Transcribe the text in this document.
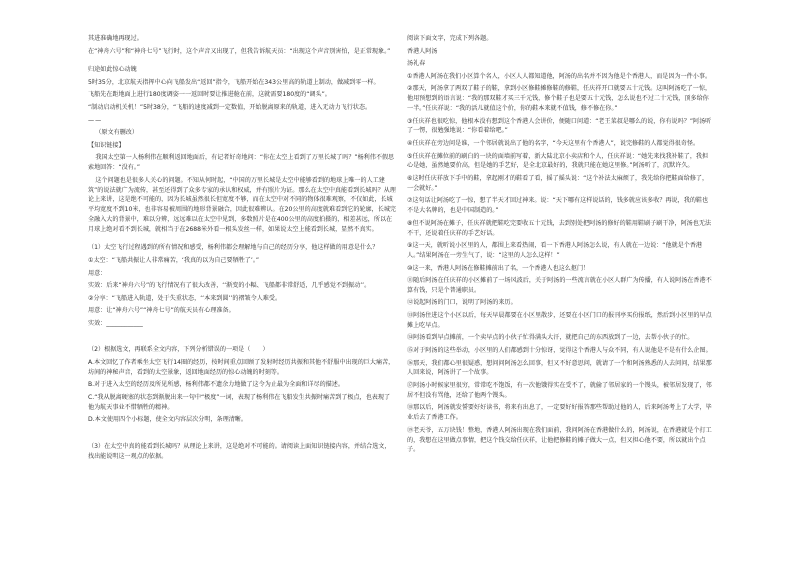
其进准确地再现过。

在“神舟六号”和“神舟七号”飞行时，这个声音又出现了，但我告诉航天员：“出现这个声音别害怕，是正常现象。”

归途如此惊心动魄

5时35分，北京航天指挥中心向飞船发出“返回”指令，飞船开始在343公里高的轨道上制动，做减到零一样。

飞船先在距地面上进行180度调姿一一返回时要让推进舱在前，这就需要180度的“调头”。

“制动启动机关机！”5时38分，“飞船的速度减到一定数值，开始脱离原来的轨道，进入无动力飞行状态。

——

（原文有删改）

【知识链接】

我国太空第一人杨利伟在顺利返回地面后，有记者好奇地问：“你在太空上看到了万里长城了吗？”杨利伟不假思索地回答：“没有。”

这个问题也是很多人关心的问题。不知从何时起，“中国的万里长城是太空中能够看到的地球上唯一的人工建筑”的说法就广为流传，甚至还得到了众多专家的承认和权威，并有照片为证。那么在太空中真能看到长城吗？从理论上来讲，这是绝不可能的，因为长城虽然很长但宽度不够，而在太空中对不同的物体很难观察，不仅如此，长城平均宽度不到10米，也非容易被周围的地形背景融合，因此很难辨认。在20公里的高度就难看到它的轮廓，长城完全融入大的背景中，难以分辨，远远难以在太空中见到，多数照片是在400公里的高度拍摄的，相差甚远，所以在月球上绝对看不到长城，就相当于在2688米外看一根头发丝一样，如果说太空上能看到长城，显然不真实。

（1）太空飞行过程遇到的所有情况和感受，杨利伟都会理解地与自己的经历分享，他这样做的用意是什么？

①太空：“飞船共振让人非常痛苦，‘我真的以为自己要牺牲了’。”

用意：

实效：后来“神舟六号”的飞行情况有了很大改善，‘‘渐变的小幅、飞船都非常舒适，几乎感觉不到振动’’。

②分享：“飞船进入轨道，处于失重状态，‘‘本来到圆’’的褶皱令人难受。

用意：让“神舟六号”“神舟七号”的航天员有心理准备。

实效：____________

（2）根据选文，再联系全文内容，下列分析错误的一项是（　　）

A.本文回忆了作者乘坐太空飞行14圈的经历，按时间重点回顾了发射时经历共振和其他不舒服中出现的巨大痛苦，坊间的神秘声音，看到的太空景象，返回地面经历的惊心动魄的时刻等。

B.对于进入太空的经历及所见所感，杨利伟都不遗余力地做了这令为止最为全面和详尽的描述。

C.“我从脱离硬塞的状态到渐脱出来一句中“极度”一词，表现了杨利伟在飞船发生共振时痛苦到了极点，也表现了他为航天事业不惜牺牲的精神。

D.本文使用四个小标题，使全文内容层次分明，条理清晰。

（3）在太空中真的能看到长城吗？从理论上来讲，这是绝对不可能的。请阅读上面知识链接内容，并结合选文，找出能说明这一观点的依据。

阅读下面文字，完成下列各题。

香港人阿汤

汤礼春

①香港人阿汤在我们小区算个名人，小区人人都知道他，阿汤的出名并不因为他是个香港人，而是因为一件小事。

②那天，阿汤拿了两双了鞋子的鞋，拿到小区修鞋摊修鞋的修鞋，任庆祥开口就要五十元钱。这叫阿汤吃了一惊，他用预想到的语言说：“我的那双鞋才买三千元钱，修个鞋子也是要五十元钱，怎么说也不过二十元钱，顶多给你一半。”任庆祥说：“我的活儿就值这个价，你的鞋本来就不值钱，修不修在你。”

③任庆祥也很吃惊，他根本没有想到这个香港人会讲价，便随口问道：“老王菜叔是哪么的说，你有说吗？”阿汤听了一愣，很勉强地说：“你看着给吧。”

④任庆祥在旁边问是谁，一个邻居就说出了他的名字，“今天这里有个香港人”，说完修鞋的人都觉得很奇怪。

⑤任庆祥在摊位前的刷白的一块的面墙前写着，新大陆北京小卖店和个人，任庆祥说：“她先来找我补鞋了，我担心是她，虽然她要价高，但是她的手艺好，是全北京最好的，我就只能在她这里修。”阿汤听了，沉默许久。

⑥这时任庆祥放下手中的鞋，拿起刚才的鞋看了看，摇了摇头说：“这个补法太麻烦了，我先给你把鞋面给修了，一会就好。”

⑦这句话让阿汤吃了一惊，想了半天才回过神来。说：“天下哪有这样说话的，钱多就应该多收？再说，我的鞋也不是大名牌的，也是中国制造的。”

⑧但不说阿汤在摊子，任庆祥就把鞋吃完要收五十元钱，去到别处把阿汤的修好的鞋用鞋刷子刷干净，阿汤也无法不干，还说着任庆祥的手艺好话。

⑨这一天，就听说小区里的人，都围上来看热闹，看一下香港人阿汤怎么说，有人就在一边说：“他就是个香港人。”结果阿汤在一旁生气了，说：“这里的人怎么这样！”

⑩这一来，香港人阿汤在修鞋摊前出了名，一个香港人也这么抠门！

⑪随后阿汤在任庆祥的小区摊前了一场风波后，关于阿汤的一些流言就在小区人群广为传播，有人说阿汤在香港不算有钱，只是个普通职员。

⑫说起阿汤的门口，说明了阿汤的来历。

⑬阿汤住进这个小区以后，每天早晨都要在小区里散步，还要在小区门口的报刊亭买份报纸，然后到小区里的早点摊上吃早点。

⑭阿汤看到早点摊前，一个卖早点的小伙子忙得满头大汗，就把自己的东西放到了一边，去帮小伙子的忙。

⑮对于阿汤的这些举动，小区里的人们都感到十分惊讶，觉得这个香港人与众不同，有人说他是不是有什么企图。

⑯那天，我们都心里很疑惑，想问问阿汤怎么回事，但又不好意思问，就请了一个和阿汤熟悉的人去问问，结果那人回来说，阿汤讲了一个故事。

⑰阿汤小时候家里很穷，常常吃不饱饭，有一次他饿得实在受不了，就偷了邻居家的一个馒头，被邻居发现了，邻居不但没有骂他，还给了他两个馒头。

⑱那以后，阿汤就发誓要好好读书，将来有出息了，一定要好好报答那些帮助过他的人，后来阿汤考上了大学，毕业后去了香港工作。

⑲老天爷，五万块钱！整地，香港人阿汤出现在我们面前，我问阿汤在香港做什么的，阿汤说，在香港就是个打工的，我想在这里做点事情，把这个钱交给任庆祥，让他把修鞋的摊子做大一点，但又担心他不要，所以就出个点子。
